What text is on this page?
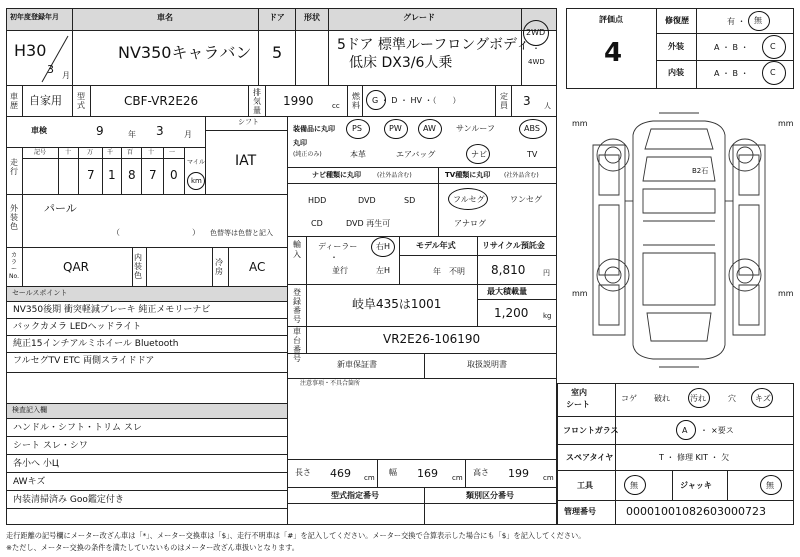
初年度登録年月	車名	ドア 形状	グレード
H30
3 月
NV350キャラバン 5	5ドア 標準ルーフロングボディ
低床 DX3/6人乗
2WD
・
4WD
車歴 自家用 型式	CBF-VR2E26
排気量
1990	cc
燃料
G ・ D ・ HV ・（　　）	定員 3 人
車検	9	年 3	月
シフト
IAT
走行
記号	十	万 千 百 十 一
7 1 8 7 0
マイル
km
外装色
パール
（　　　　　　　　　） 色替等は色替と記入
カラーNo.
QAR
内装色
冷房 AC
セールスポイント
NV350後期 衝突軽減ブレーキ 純正メモリーナビ
バックカメラ LEDヘッドライト
純正15インチアルミホイール Bluetooth
フルセグTV ETC 両側スライドドア
検査記入欄
ハンドル・シフト・トリム スレ
シート スレ・シワ
各小へ 小Ц
AWキズ
内装清掃済み Goo鑑定付き
装備品に丸印
丸印
(純正のみ)
PS	PW	AW	サンルーフ	ABS
本革	エアバッグ	ナビ	TV
ナビ種類に丸印	(社外品含む)	TV種類に丸印 (社外品含む)
HDD	DVD	SD
CD	DVD 再生可
フルセグ	ワンセグ
アナログ
輸入
ディーラー
・
並行
右H
左H
モデル年式
年　不明
リサイクル預託金
8,810	円
登録番号
岐阜435は1001
最大積載量
1,200 kg
車台番号
VR2E26-106190
新車保証書	取扱説明書
注意事項・不具合箇所
長さ 469 cm
幅 169 cm
高さ 199 cm
型式指定番号	類別区分番号
評価点
4
修復歴	有 ・ 無
外装	A ・ B ・	C
内装	A ・ B ・	C
mm	mm
mm	mm
B2石
室内
シート
コゲ 破れ	汚れ	穴 キズ
フロントガラス	A ・ ×要ス
スペアタイヤ	T ・ 修理 KIT ・ 欠
工具	無	ジャッキ	無
管理番号	00001001082603000723
走行距離の記号欄にメーター改ざん車は「*」、メーター交換車は「$」、走行不明車は「#」を記入してください。メーター交換で合算表示した場合にも「$」を記入してください。
※ただし、メーター交換の条件を満たしていないものはメーター改ざん車扱いとなります。
